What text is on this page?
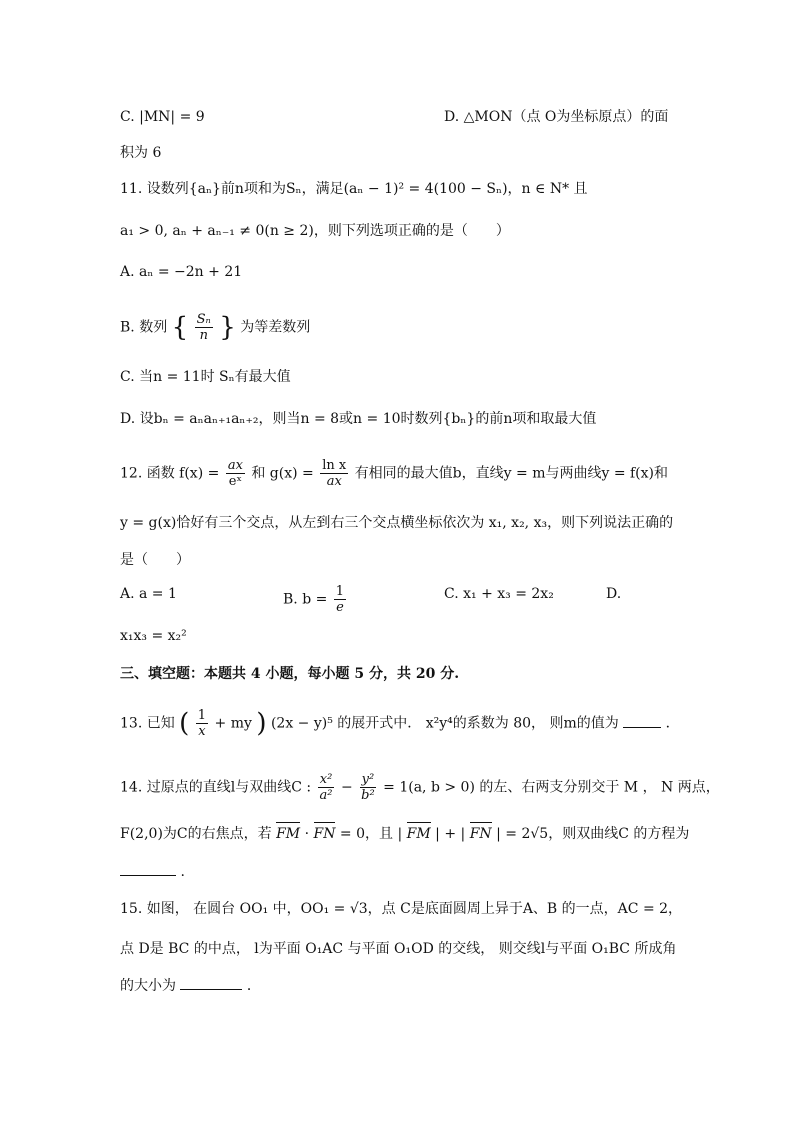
C. |MN| = 9	D. △MON（点 O为坐标原点）的面
积为 6
11. 设数列{aₙ}前n项和为Sₙ，满足(aₙ − 1)² = 4(100 − Sₙ)，n ∈ N* 且
a₁ > 0, aₙ + aₙ₋₁ ≠ 0(n ≥ 2)，则下列选项正确的是（　　）
A. aₙ = −2n + 21
B. 数列 { $\frac{\text{Sₙ}}{n}$ } 为等差数列
C. 当n = 11时 Sₙ有最大值
D. 设bₙ = aₙaₙ₊₁aₙ₊₂，则当n = 8或n = 10时数列{bₙ}的前n项和取最大值
12. 函数 $f(x) = \frac{ax}{\text{eˣ}}$ 和 $g(x) = \frac{\text{ln x}}{ax}$ 有相同的最大值b，直线y = m与两曲线y = f(x)和
y = g(x)恰好有三个交点，从左到右三个交点横坐标依次为 x₁, x₂, x₃，则下列说法正确的
是（　　）
A. a = 1	B. $b = \frac{1}{e}$	C. x₁ + x₃ = 2x₂	D.
x₁x₃ = x₂²
三、填空题：本题共 4 小题，每小题 5 分，共 20 分.
13. 已知 ( $\frac{1}{x}$ + my ) (2x − y)⁵ 的展开式中． x²y⁴的系数为 80， 则m的值为	．
14. 过原点的直线l与双曲线C : $\frac{\text{x²}}{\text{a²}} - \frac{\text{y²}}{\text{b²}} = 1(a$, b > 0) 的左、右两支分别交于 M ， N 两点，
F(2,0)为C的右焦点，若 FM · FN = 0，且 | FM | + | FN | = 2√5，则双曲线C 的方程为
.
15. 如图， 在圆台 OO₁ 中，OO₁ = √3，点 C是底面圆周上异于A、B 的一点，AC = 2，
点 D是 BC 的中点， l为平面 O₁AC 与平面 O₁OD 的交线， 则交线l与平面 O₁BC 所成角
的大小为	．
